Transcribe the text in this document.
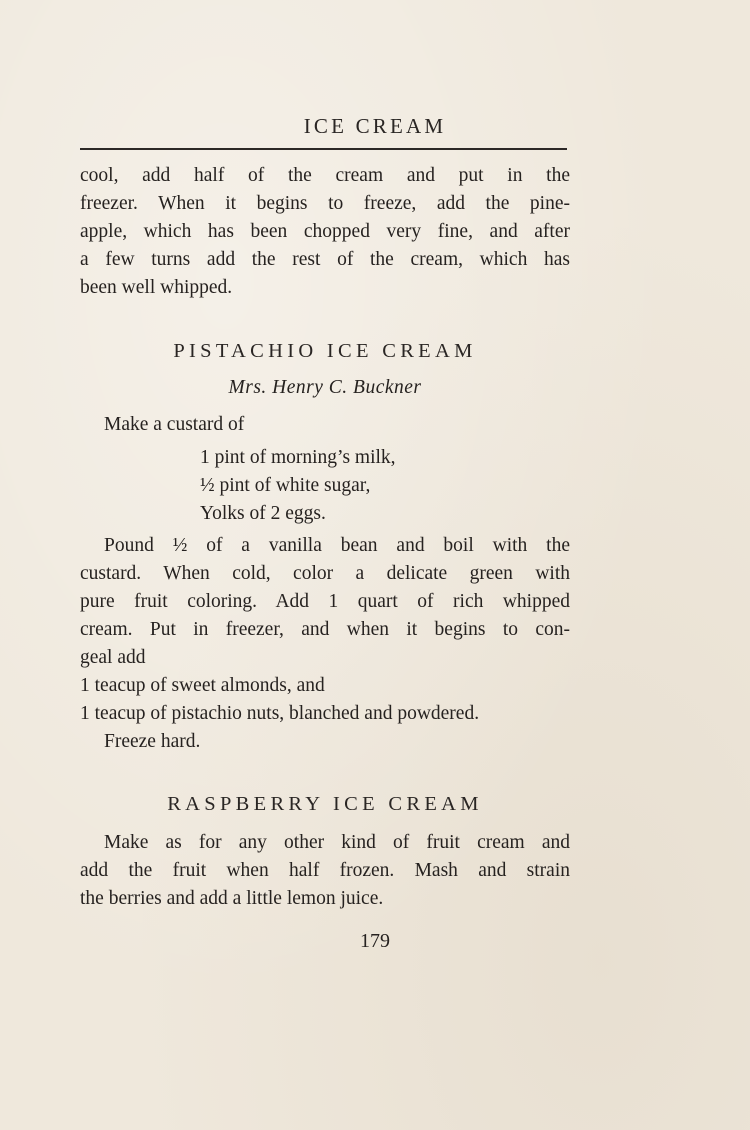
ICE CREAM
cool, add half of the cream and put in the
freezer. When it begins to freeze, add the pine-
apple, which has been chopped very fine, and after
a few turns add the rest of the cream, which has
been well whipped.
PISTACHIO ICE CREAM
Mrs. Henry C. Buckner
Make a custard of
1 pint of morning’s milk,
½ pint of white sugar,
Yolks of 2 eggs.
Pound ½ of a vanilla bean and boil with the
custard. When cold, color a delicate green with
pure fruit coloring. Add 1 quart of rich whipped
cream. Put in freezer, and when it begins to con-
geal add
1 teacup of sweet almonds, and
1 teacup of pistachio nuts, blanched and powdered.
Freeze hard.
RASPBERRY ICE CREAM
Make as for any other kind of fruit cream and
add the fruit when half frozen. Mash and strain
the berries and add a little lemon juice.
179
